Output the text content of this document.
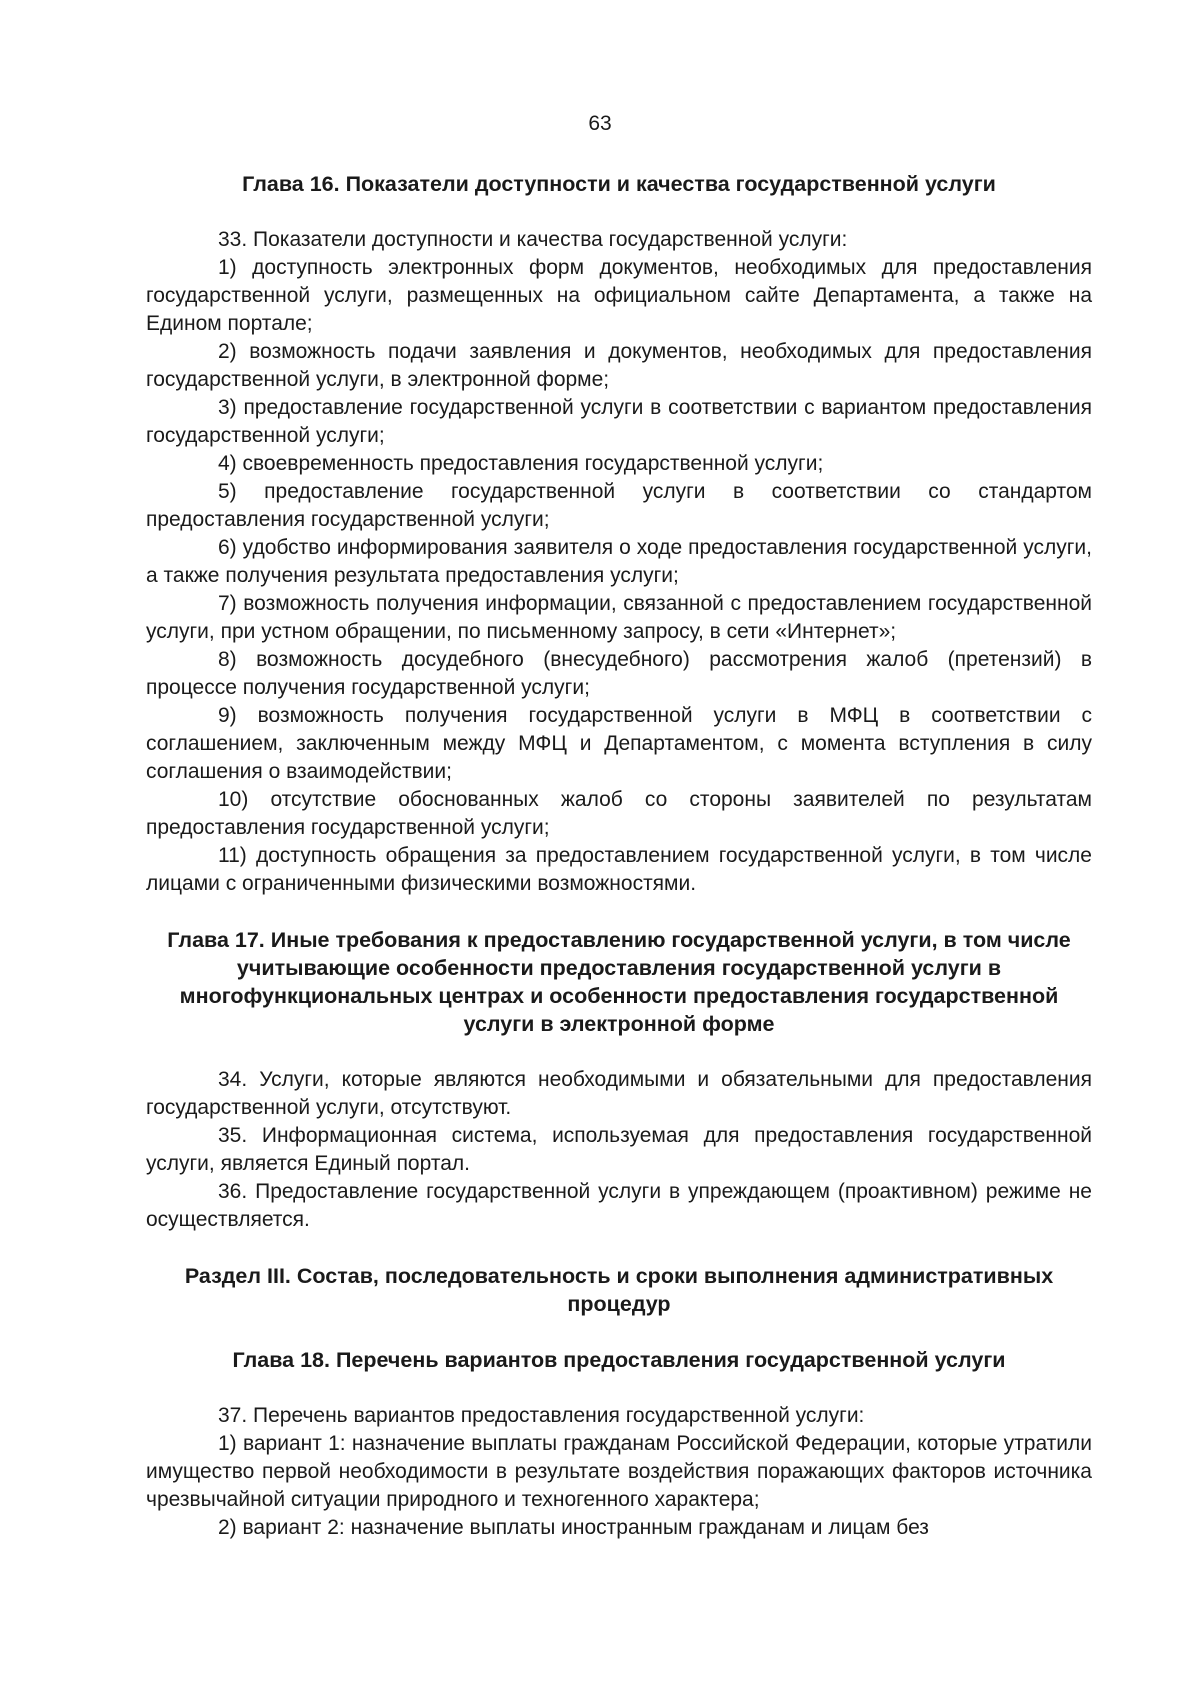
63
Глава 16. Показатели доступности и качества государственной услуги

33. Показатели доступности и качества государственной услуги:

1) доступность электронных форм документов, необходимых для предоставления государственной услуги, размещенных на официальном сайте Департамента, а также на Едином портале;

2) возможность подачи заявления и документов, необходимых для предоставления государственной услуги, в электронной форме;

3) предоставление государственной услуги в соответствии с вариантом предоставления государственной услуги;

4) своевременность предоставления государственной услуги;

5) предоставление государственной услуги в соответствии со стандартом предоставления государственной услуги;

6) удобство информирования заявителя о ходе предоставления государственной услуги, а также получения результата предоставления услуги;

7) возможность получения информации, связанной с предоставлением государственной услуги, при устном обращении, по письменному запросу, в сети «Интернет»;

8) возможность досудебного (внесудебного) рассмотрения жалоб (претензий) в процессе получения государственной услуги;

9) возможность получения государственной услуги в МФЦ в соответствии с соглашением, заключенным между МФЦ и Департаментом, с момента вступления в силу соглашения о взаимодействии;

10) отсутствие обоснованных жалоб со стороны заявителей по результатам предоставления государственной услуги;

11) доступность обращения за предоставлением государственной услуги, в том числе лицами с ограниченными физическими возможностями.

Глава 17. Иные требования к предоставлению государственной услуги, в том числе учитывающие особенности предоставления государственной услуги в многофункциональных центрах и особенности предоставления государственной услуги в электронной форме

34. Услуги, которые являются необходимыми и обязательными для предоставления государственной услуги, отсутствуют.

35. Информационная система, используемая для предоставления государственной услуги, является Единый портал.

36. Предоставление государственной услуги в упреждающем (проактивном) режиме не осуществляется.

Раздел III. Состав, последовательность и сроки выполнения административных процедур
Глава 18. Перечень вариантов предоставления государственной услуги

37. Перечень вариантов предоставления государственной услуги:

1) вариант 1: назначение выплаты гражданам Российской Федерации, которые утратили имущество первой необходимости в результате воздействия поражающих факторов источника чрезвычайной ситуации природного и техногенного характера;

2) вариант 2: назначение выплаты иностранным гражданам и лицам без
